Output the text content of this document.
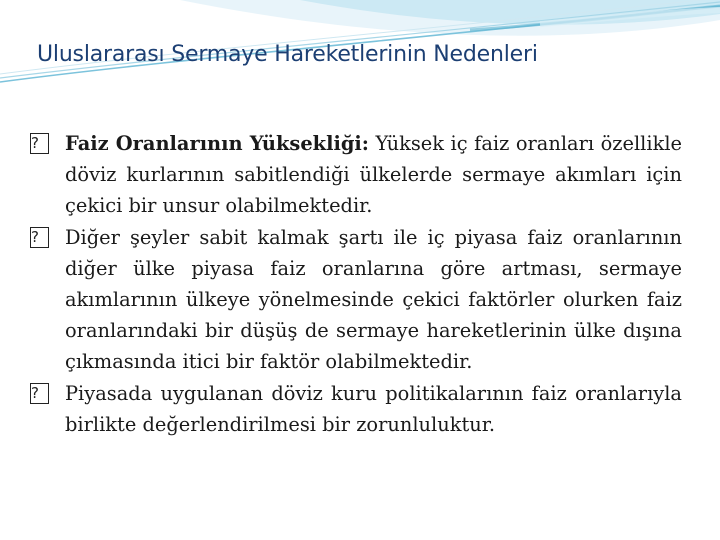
Uluslararası Sermaye Hareketlerinin Nedenleri

?	Faiz Oranlarının Yüksekliği: Yüksek iç faiz oranları özellikle döviz kurlarının sabitlendiği ülkelerde sermaye akımları için çekici bir unsur olabilmektedir.

?	Diğer şeyler sabit kalmak şartı ile iç piyasa faiz oranlarının diğer ülke piyasa faiz oranlarına göre artması, sermaye akımlarının ülkeye yönelmesinde çekici faktörler olurken faiz oranlarındaki bir düşüş de sermaye hareketlerinin ülke dışına çıkmasında itici bir faktör olabilmektedir.

?	Piyasada uygulanan döviz kuru politikalarının faiz oranlarıyla birlikte değerlendirilmesi bir zorunluluktur.
